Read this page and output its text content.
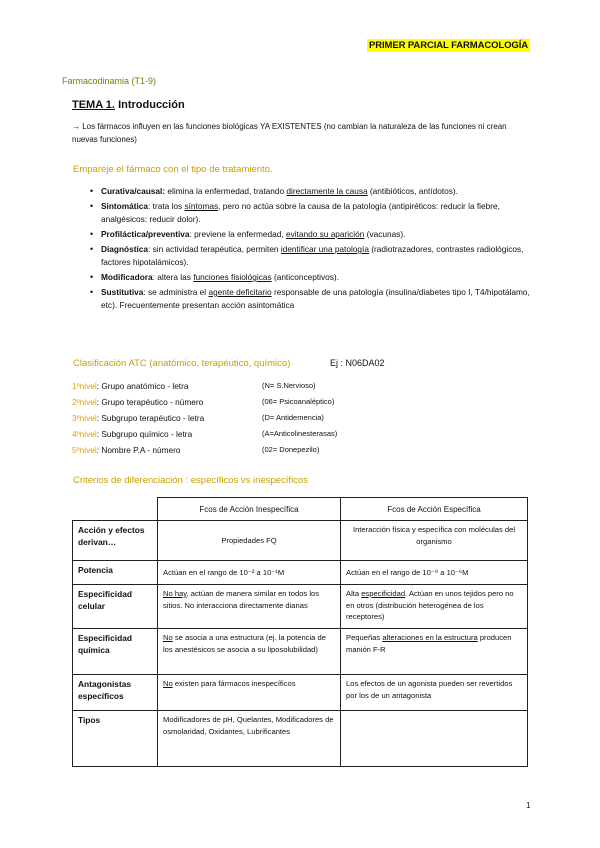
PRIMER PARCIAL FARMACOLOGÍA
Farmacodinamia (T1-9)
TEMA 1. Introducción
→ Los fármacos influyen en las funciones biológicas YA EXISTENTES (no cambian la naturaleza de las funciones ni crean nuevas funciones)
Empareje el fármaco con el tipo de tratamiento.
• Curativa/causal: elimina la enfermedad, tratando directamente la causa (antibióticos, antídotos).
• Sintomática: trata los síntomas, pero no actúa sobre la causa de la patología (antipiréticos: reducir la fiebre, analgésicos: reducir dolor).
• Profiláctica/preventiva: previene la enfermedad, evitando su aparición (vacunas).
• Diagnóstica: sin actividad terapéutica, permiten identificar una patología (radiotrazadores, contrastes radiológicos, factores hipotalámicos).
• Modificadora: altera las funciones fisiológicas (anticonceptivos).
• Sustitutiva: se administra el agente deficitario responsable de una patología (insulina/diabetes tipo I, T4/hipotálamo, etc). Frecuentemente presentan acción asintomática
Clasificación ATC (anatómico, terapéutico, químico)	Ej : N06DA02
1ºnivel: Grupo anatómico - letra	(N= S.Nervioso)
2ºnivel: Grupo terapéutico - número	(06= Psicoanaléptico)
3ºnivel: Subgrupo terapéutico - letra	(D= Antidemencia)
4ºnivel: Subgrupo químico - letra	(A=Anticolinesterasas)
5ºnivel: Nombre P.A - número	(02= Donepezilo)
Criterios de diferenciación : específicos vs inespecíficos
	Fcos de Acción Inespecífica	Fcos de Acción Específica
Acción y efectos derivan…	Propiedades FQ	Interacción física y específica con moléculas del organismo
Potencia	Actúan en el rango de 10⁻² a 10⁻¹M	Actúan en el rango de 10⁻⁹ a 10⁻⁶M
Especificidad celular	No hay, actúan de manera similar en todos los sitios. No interacciona directamente dianas	Alta especificidad. Actúan en unos tejidos pero no en otros (distribución heterogénea de los receptores)
Especificidad química	No se asocia a una estructura (ej. la potencia de los anestésicos se asocia a su liposolubilidad)	Pequeñas alteraciones en la estructura producen manión F-R
Antagonistas específicos	No existen para fármacos inespecíficos	Los efectos de un agonista pueden ser revertidos por los de un antagonista
Tipos	Modificadores de pH, Quelantes, Modificadores de osmolaridad, Oxidantes, Lubrificantes	
1
